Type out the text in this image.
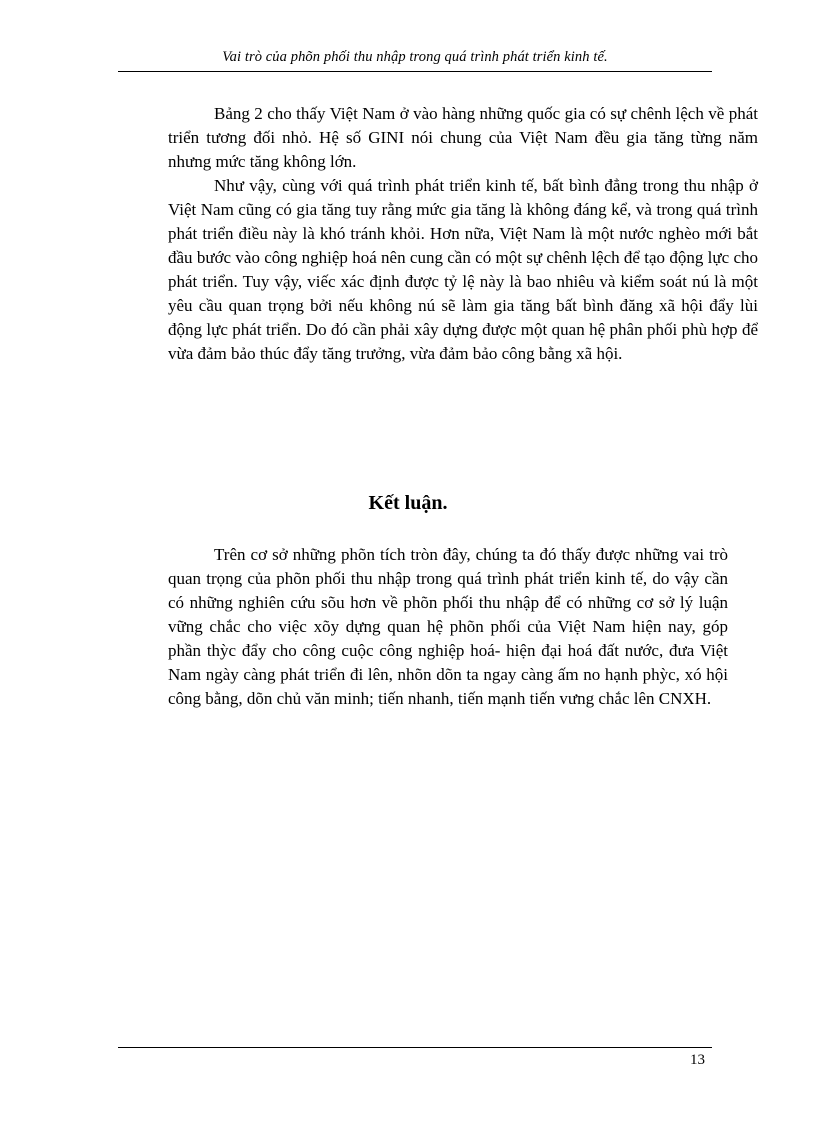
Vai trò của phõn phối thu nhập trong quá trình phát triển kinh tế.

Bảng 2 cho thấy Việt Nam ở vào hàng những quốc gia có sự chênh lệch về phát triển tương đối nhỏ. Hệ số GINI nói chung của Việt Nam đều gia tăng từng năm nhưng mức tăng không lớn.

Như vậy, cùng với quá trình phát triển kinh tế, bất bình đẳng trong thu nhập ở Việt Nam cũng có gia tăng tuy rằng mức gia tăng là không đáng kể, và trong quá trình phát triển điều này là khó tránh khỏi. Hơn nữa, Việt Nam là một nước nghèo mới bắt đầu bước vào công nghiệp hoá nên cung cần có một sự chênh lệch để tạo động lực cho phát triển. Tuy vậy, viếc xác định được tỷ lệ này là bao nhiêu và kiểm soát nú là một yêu cầu quan trọng bởi nếu không nú sẽ làm gia tăng bất bình đăng xã hội đẩy lùi động lực phát triển. Do đó cần phải xây dựng được một quan hệ phân phối phù hợp để vừa đảm bảo thúc đẩy tăng trưởng, vừa đảm bảo công bằng xã hội.

Kết luận.

Trên cơ sở những phõn tích tròn đây, chúng ta đó thấy được những vai trò quan trọng của phõn phối thu nhập trong quá trình phát triển kinh tế, do vậy cần có những nghiên cứu sõu hơn về phõn phối thu nhập để có những cơ sở lý luận vững chắc cho việc xõy dựng quan hệ phõn phối của Việt Nam hiện nay, góp phần thỳc đẩy cho công cuộc công nghiệp hoá- hiện đại hoá đất nước, đưa Việt Nam ngày càng phát triển đi lên, nhõn dõn ta ngay càng ấm no hạnh phỳc, xó hội công bằng, dõn chủ văn minh; tiến nhanh, tiến mạnh tiến vưng chắc lên CNXH.

13
